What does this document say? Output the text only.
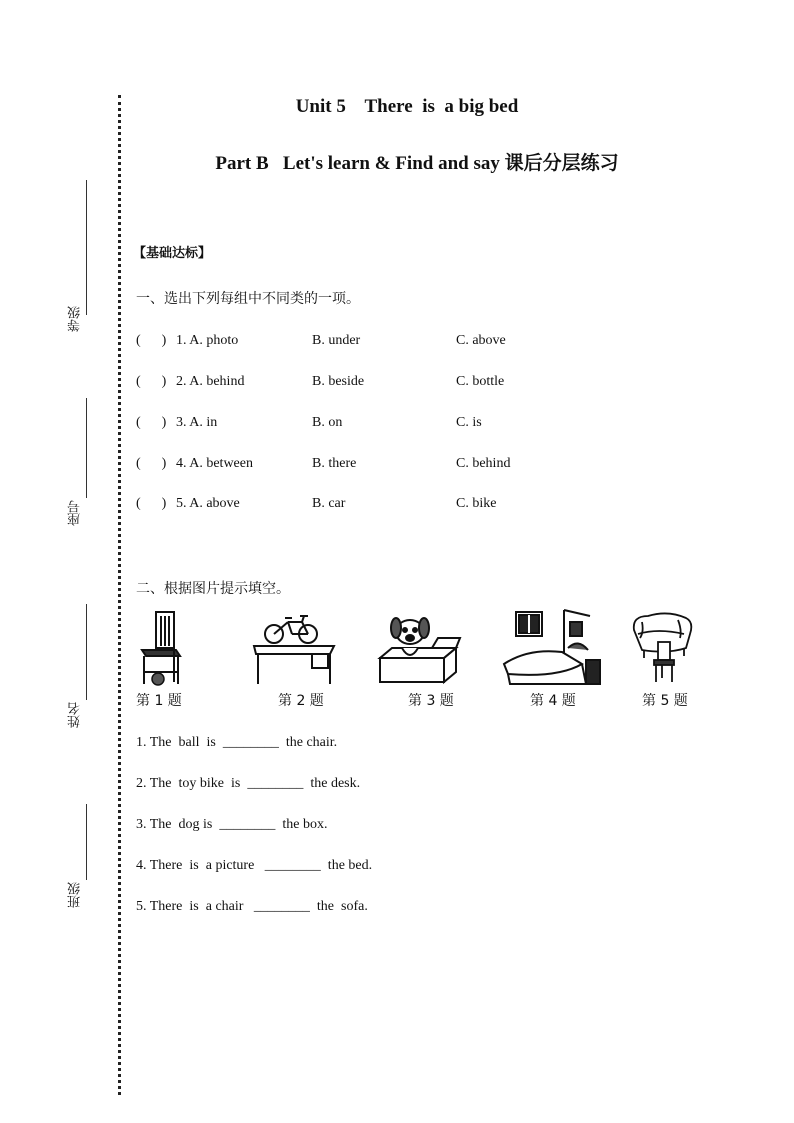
等级
座号
姓名
班级
Unit 5    There  is  a big bed
Part B   Let's learn & Find and say 课后分层练习
【基础达标】
一、选出下列每组中不同类的一项。
(      ) 1. A. photo	B. under	C. above
(      ) 2. A. behind	B. beside	C. bottle
(      ) 3. A. in	B. on	C. is
(      ) 4. A. between	B. there	C. behind
(      ) 5. A. above	B. car	C. bike
二、根据图片提示填空。
第 1 题	第 2 题	第 3 题	第 4 题	第 5 题
1. The  ball  is  ________  the chair.
2. The  toy bike  is  ________  the desk.
3. The  dog is  ________  the box.
4. There  is  a picture   ________  the bed.
5. There  is  a chair   ________  the  sofa.
